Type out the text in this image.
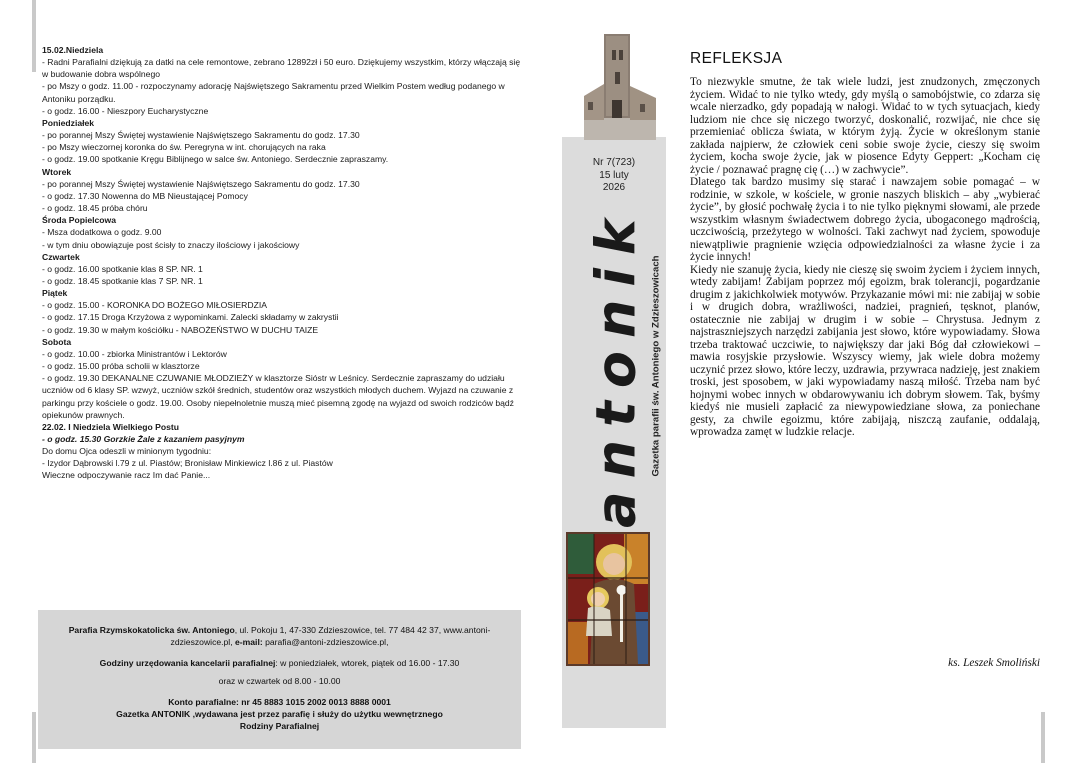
15.02.Niedziela
- Radni Parafialni dziękują za datki na cele remontowe, zebrano 12892zł i 50 euro. Dziękujemy wszystkim, którzy włączają się w budowanie dobra wspólnego
- po Mszy o godz. 11.00 - rozpoczynamy adorację Najświętszego Sakramentu przed Wielkim Postem według podanego w Antoniku porządku.
- o godz. 16.00 - Nieszpory Eucharystyczne
Poniedziałek
- po porannej Mszy Świętej wystawienie Najświętszego Sakramentu do godz. 17.30
- po Mszy wieczornej koronka do św. Peregryna w int. chorujących na raka
- o godz. 19.00 spotkanie Kręgu Biblijnego w salce św. Antoniego. Serdecznie zapraszamy.
Wtorek
- po porannej Mszy Świętej wystawienie Najświętszego Sakramentu do godz. 17.30
- o godz. 17.30 Nowenna do MB Nieustającej Pomocy
- o godz. 18.45 próba chóru
Środa Popielcowa
- Msza dodatkowa o godz. 9.00
- w tym dniu obowiązuje post ścisły to znaczy ilościowy i jakościowy
Czwartek
- o godz. 16.00 spotkanie klas 8 SP. NR. 1
- o godz. 18.45 spotkanie klas 7 SP. NR. 1
Piątek
- o godz. 15.00 - KORONKA DO BOŻEGO MIŁOSIERDZIA
- o godz. 17.15 Droga Krzyżowa z wypominkami. Zalecki składamy w zakrystii
- o godz. 19.30 w małym kościółku - NABOŻEŃSTWO W DUCHU TAIZE
Sobota
- o godz. 10.00 - zbiorka Ministrantów i Lektorów
- o godz. 15.00 próba scholii w klasztorze
- o godz. 19.30 DEKANALNE CZUWANIE MŁODZIEŻY w klasztorze Sióstr w Leśnicy. Serdecznie zapraszamy do udziału uczniów od 6 klasy SP. wzwyż, uczniów szkół średnich, studentów oraz wszystkich młodych duchem. Wyjazd na czuwanie z parkingu przy kościele o godz. 19.00. Osoby niepełnoletnie muszą mieć pisemną zgodę na wyjazd od swoich rodziców bądź opiekunów prawnych.
22.02. I Niedziela Wielkiego Postu
- o godz. 15.30 Gorzkie Żale z kazaniem pasyjnym
Do domu Ojca odeszli w minionym tygodniu:
- Izydor Dąbrowski l.79 z ul. Piastów; Bronisław Minkiewicz l.86 z ul. Piastów
Wieczne odpoczywanie racz Im dać Panie...
Parafia Rzymskokatolicka św. Antoniego, ul. Pokoju 1, 47-330 Zdzieszowice, tel. 77 484 42 37, www.antoni-zdzieszowice.pl, e-mail: parafia@antoni-zdzieszowice.pl,
Godziny urzędowania kancelarii parafialnej: w poniedziałek, wtorek, piątek od 16.00 - 17.30
oraz w czwartek od 8.00 - 10.00
Konto parafialne: nr 45 8883 1015 2002 0013 8888 0001
Gazetka ANTONIK ,wydawana jest przez parafię i służy do użytku wewnętrznego
Rodziny Parafialnej
Nr 7(723)
15 luty
2026
antonik Gazetka parafii św. Antoniego w Zdzieszowicach
REFLEKSJA

To niezwykle smutne, że tak wiele ludzi, jest znudzonych, zmęczonych życiem. Widać to nie tylko wtedy, gdy myślą o samobójstwie, co zdarza się wcale nierzadko, gdy popadają w nałogi. Widać to w tych sytuacjach, kiedy ludziom nie chce się niczego tworzyć, doskonalić, rozwijać, nie chce się przemieniać oblicza świata, w którym żyją. Życie w określonym stanie zakłada najpierw, że człowiek ceni sobie swoje życie, cieszy się swoim życiem, kocha swoje życie, jak w piosence Edyty Geppert: „Kocham cię życie / poznawać pragnę cię (…) w zachwycie”.

Dlatego tak bardzo musimy się starać i nawzajem sobie pomagać – w rodzinie, w szkole, w kościele, w gronie naszych bliskich – aby „wybierać życie”, by głosić pochwałę życia i to nie tylko pięknymi słowami, ale przede wszystkim własnym świadectwem dobrego życia, ubogaconego mądrością, uczciwością, przeżytego w wolności. Taki zachwyt nad życiem, spowoduje niewątpliwie pragnienie wzięcia odpowiedzialności za własne życie i za życie innych!

Kiedy nie szanuję życia, kiedy nie cieszę się swoim życiem i życiem innych, wtedy zabijam! Zabijam poprzez mój egoizm, brak tolerancji, pogardzanie drugim z jakichkolwiek motywów. Przykazanie mówi mi: nie zabijaj w sobie i w drugich dobra, wrażliwości, nadziei, pragnień, tęsknot, planów, ostatecznie nie zabijaj w drugim i w sobie – Chrystusa. Jednym z najstraszniejszych narzędzi zabijania jest słowo, które wypowiadamy. Słowa trzeba traktować uczciwie, to największy dar jaki Bóg dał człowiekowi – mawia rosyjskie przysłowie. Wszyscy wiemy, jak wiele dobra możemy uczynić przez słowo, które leczy, uzdrawia, przywraca nadzieję, jest znakiem troski, jest sposobem, w jaki wypowiadamy naszą miłość. Trzeba nam być hojnymi wobec innych w obdarowywaniu ich dobrym słowem. Tak, byśmy kiedyś nie musieli zapłacić za niewypowiedziane słowa, za poniechane gesty, za chwile egoizmu, które zabijają, niszczą zaufanie, oddalają, wprowadza zamęt w ludzkie relacje.

ks. Leszek Smoliński
